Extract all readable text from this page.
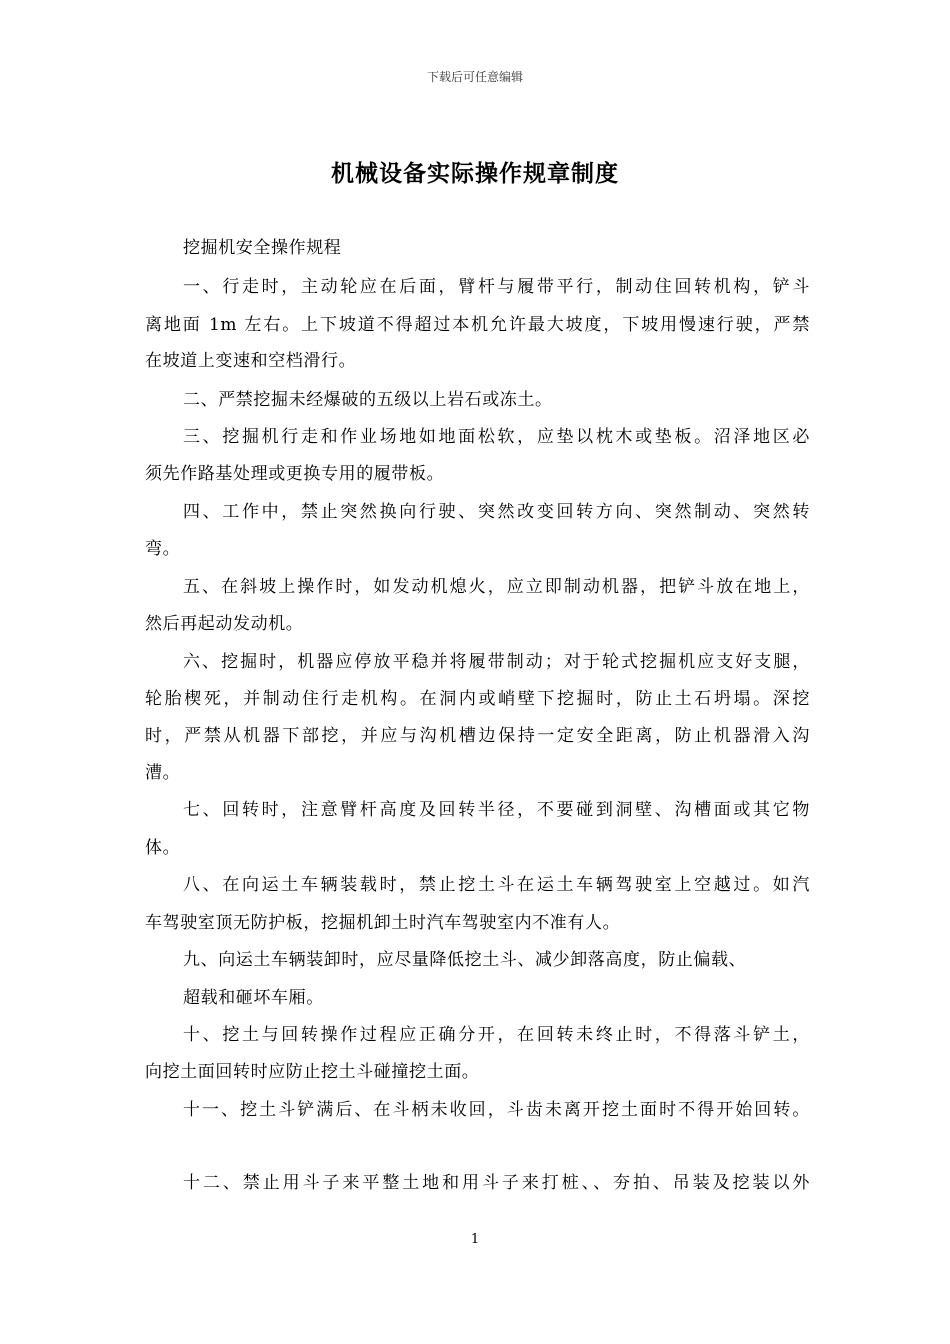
下载后可任意编辑
机械设备实际操作规章制度
挖掘机安全操作规程
一、行走时，主动轮应在后面，臂杆与履带平行，制动住回转机构，铲斗
离地面 1m 左右。上下坡道不得超过本机允许最大坡度，下坡用慢速行驶，严禁
在坡道上变速和空档滑行。
二、严禁挖掘未经爆破的五级以上岩石或冻土。
三、挖掘机行走和作业场地如地面松软，应垫以枕木或垫板。沼泽地区必
须先作路基处理或更换专用的履带板。
四、工作中，禁止突然换向行驶、突然改变回转方向、突然制动、突然转
弯。
五、在斜坡上操作时，如发动机熄火，应立即制动机器，把铲斗放在地上，
然后再起动发动机。
六、挖掘时，机器应停放平稳并将履带制动；对于轮式挖掘机应支好支腿，
轮胎楔死，并制动住行走机构。在洞内或峭壁下挖掘时，防止土石坍塌。深挖
时，严禁从机器下部挖，并应与沟机槽边保持一定安全距离，防止机器滑入沟
漕。
七、回转时，注意臂杆高度及回转半径，不要碰到洞壁、沟槽面或其它物
体。
八、在向运土车辆装载时，禁止挖土斗在运土车辆驾驶室上空越过。如汽
车驾驶室顶无防护板，挖掘机卸土时汽车驾驶室内不准有人。
九、向运土车辆装卸时，应尽量降低挖土斗、减少卸落高度，防止偏载、
超载和砸坏车厢。
十、挖土与回转操作过程应正确分开，在回转未终止时，不得落斗铲土，
向挖土面回转时应防止挖土斗碰撞挖土面。
十一、挖土斗铲满后、在斗柄未收回，斗齿未离开挖土面时不得开始回转。
十二、禁止用斗子来平整土地和用斗子来打桩、、夯拍、吊装及挖装以外
1
